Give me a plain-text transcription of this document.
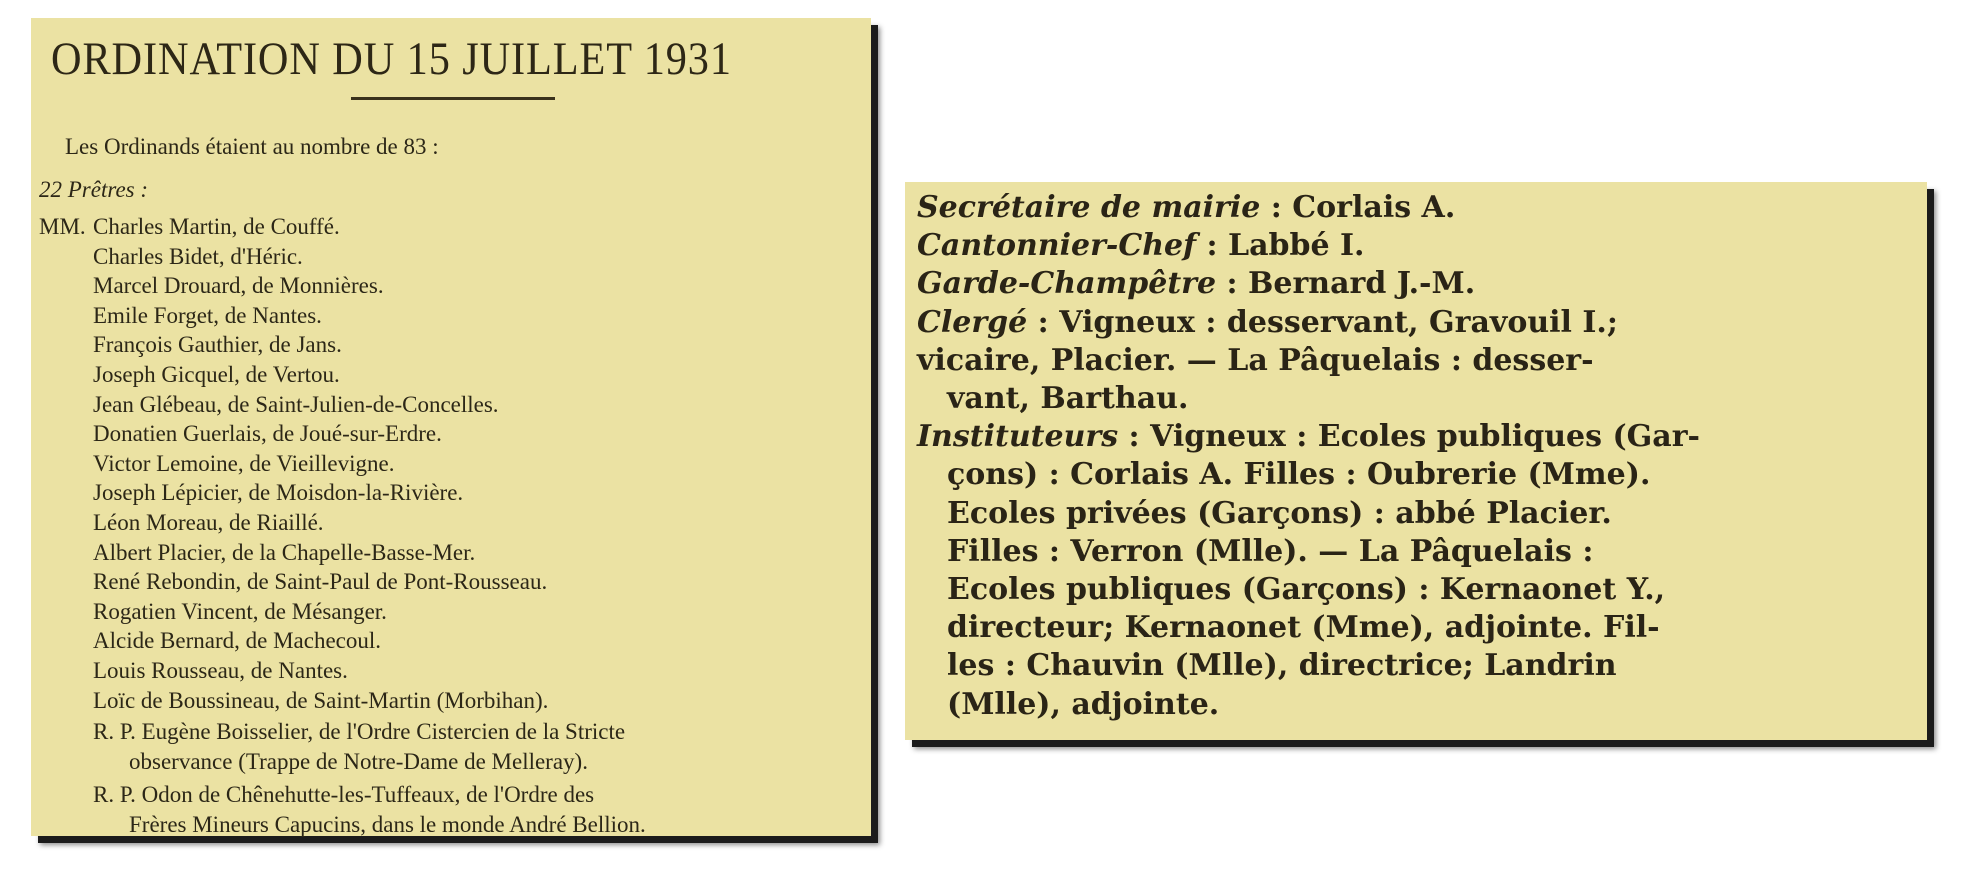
ORDINATION DU 15 JUILLET 1931
Les Ordinands étaient au nombre de 83 :
22 Prêtres :
MM. Charles Martin, de Couffé.
Charles Bidet, d'Héric.
Marcel Drouard, de Monnières.
Emile Forget, de Nantes.
François Gauthier, de Jans.
Joseph Gicquel, de Vertou.
Jean Glébeau, de Saint-Julien-de-Concelles.
Donatien Guerlais, de Joué-sur-Erdre.
Victor Lemoine, de Vieillevigne.
Joseph Lépicier, de Moisdon-la-Rivière.
Léon Moreau, de Riaillé.
Albert Placier, de la Chapelle-Basse-Mer.
René Rebondin, de Saint-Paul de Pont-Rousseau.
Rogatien Vincent, de Mésanger.
Alcide Bernard, de Machecoul.
Louis Rousseau, de Nantes.
Loïc de Boussineau, de Saint-Martin (Morbihan).
R. P. Eugène Boisselier, de l'Ordre Cistercien de la Stricte
observance (Trappe de Notre-Dame de Melleray).
R. P. Odon de Chênehutte-les-Tuffeaux, de l'Ordre des
Frères Mineurs Capucins, dans le monde André Bellion.
Secrétaire de mairie : Corlais A.
Cantonnier-Chef : Labbé I.
Garde-Champêtre : Bernard J.-M.
Clergé : Vigneux : desservant, Gravouil I.;
vicaire, Placier. — La Pâquelais : desser-
vant, Barthau.
Instituteurs : Vigneux : Ecoles publiques (Gar-
çons) : Corlais A. Filles : Oubrerie (Mme).
Ecoles privées (Garçons) : abbé Placier.
Filles : Verron (Mlle). — La Pâquelais :
Ecoles publiques (Garçons) : Kernaonet Y.,
directeur; Kernaonet (Mme), adjointe. Fil-
les : Chauvin (Mlle), directrice; Landrin
(Mlle), adjointe.
